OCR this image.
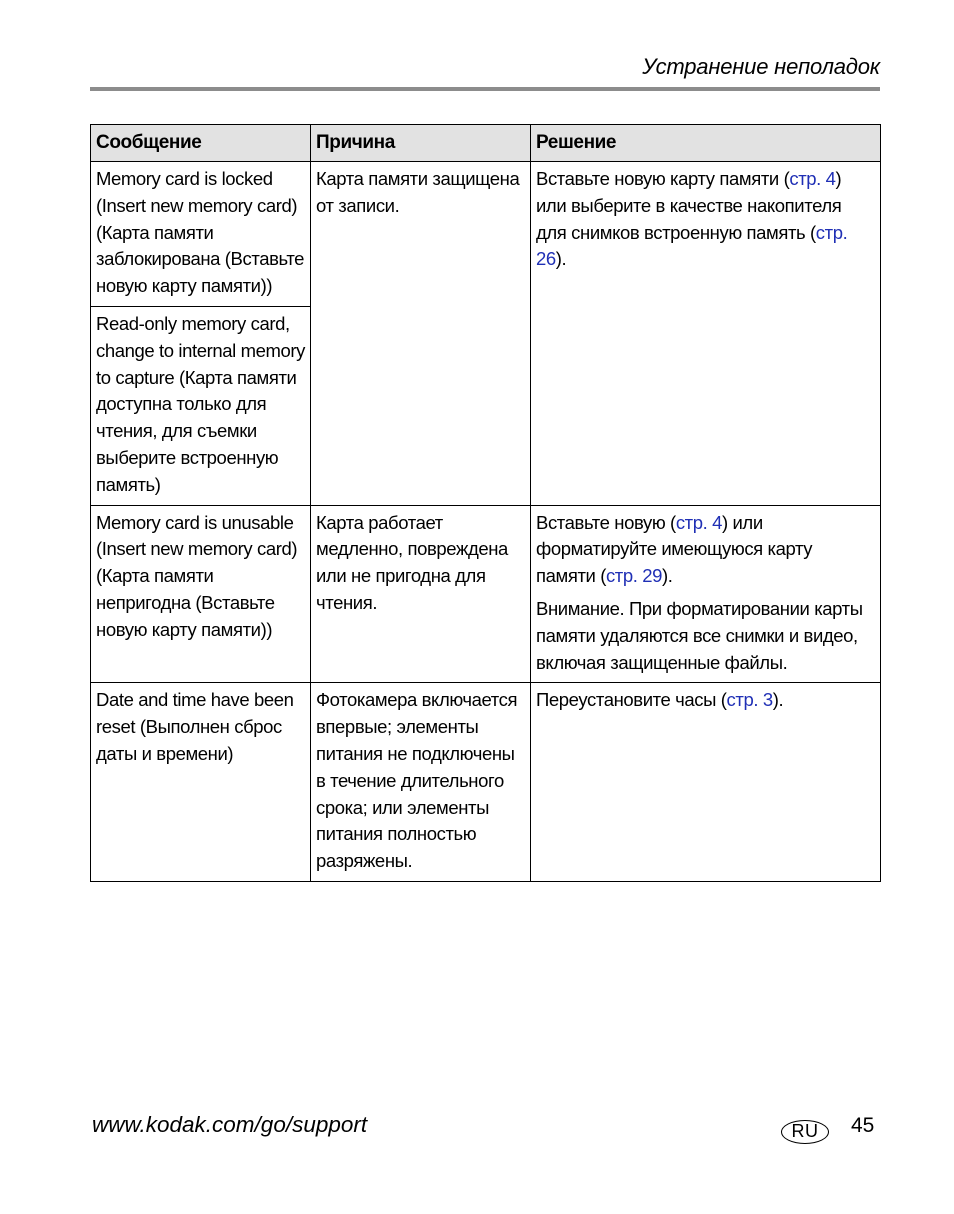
Устранение неполадок
Сообщение	Причина	Решение
Memory card is locked (Insert new memory card) (Карта памяти заблокирована (Вставьте новую карту памяти))	Карта памяти защищена от записи.	Вставьте новую карту памяти (стр. 4) или выберите в качестве накопителя для снимков встроенную память (стр. 26).
Read-only memory card, change to internal memory to capture (Карта памяти доступна только для чтения, для съемки выберите встроенную память)		
Memory card is unusable (Insert new memory card) (Карта памяти непригодна (Вставьте новую карту памяти))	Карта работает медленно, повреждена или не пригодна для чтения.	Вставьте новую (стр. 4) или форматируйте имеющуюся карту памяти (стр. 29).
Внимание. При форматировании карты памяти удаляются все снимки и видео, включая защищенные файлы.

Date and time have been reset (Выполнен сброс даты и времени)	Фотокамера включается впервые; элементы питания не подключены в течение длительного срока; или элементы питания полностью разряжены.	Переустановите часы (стр. 3).
www.kodak.com/go/support	RU	45
